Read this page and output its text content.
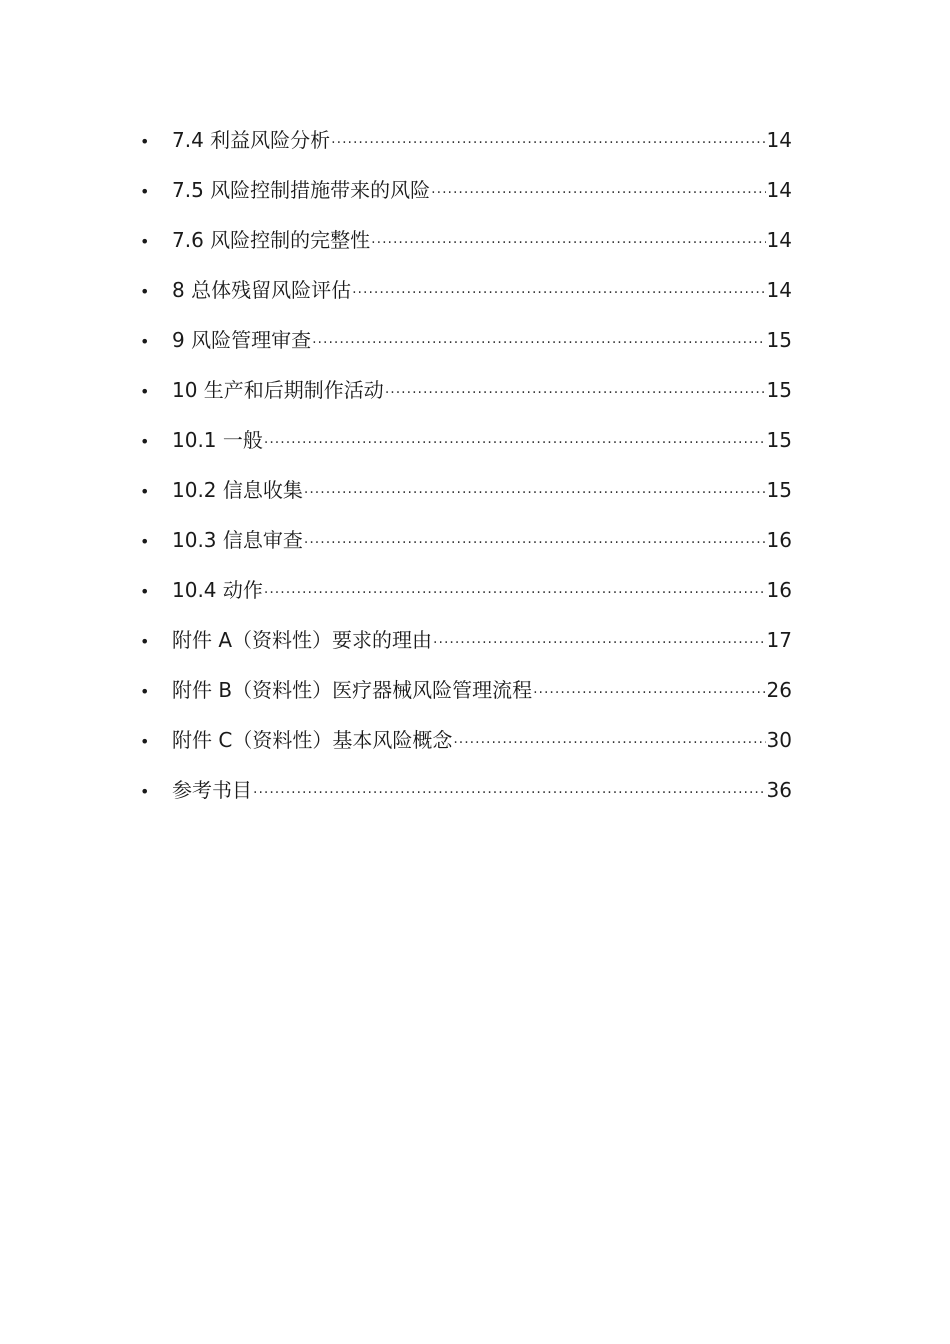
•	7.4 利益风险分析 ·····	14
•	7.5 风险控制措施带来的风险 ·····	14
•	7.6 风险控制的完整性 ·····	14
•	8 总体残留风险评估 ·····	14
•	9 风险管理审查 ·····	15
•	10 生产和后期制作活动 ·····	15
•	10.1 一般 ·····	15
•	10.2 信息收集 ·····	15
•	10.3 信息审查 ·····	16
•	10.4 动作 ·····	16
•	附件 A（资料性）要求的理由 ·····	17
•	附件 B（资料性）医疗器械风险管理流程 ·····	26
•	附件 C（资料性）基本风险概念 ·····	30
•	参考书目 ·····	36
